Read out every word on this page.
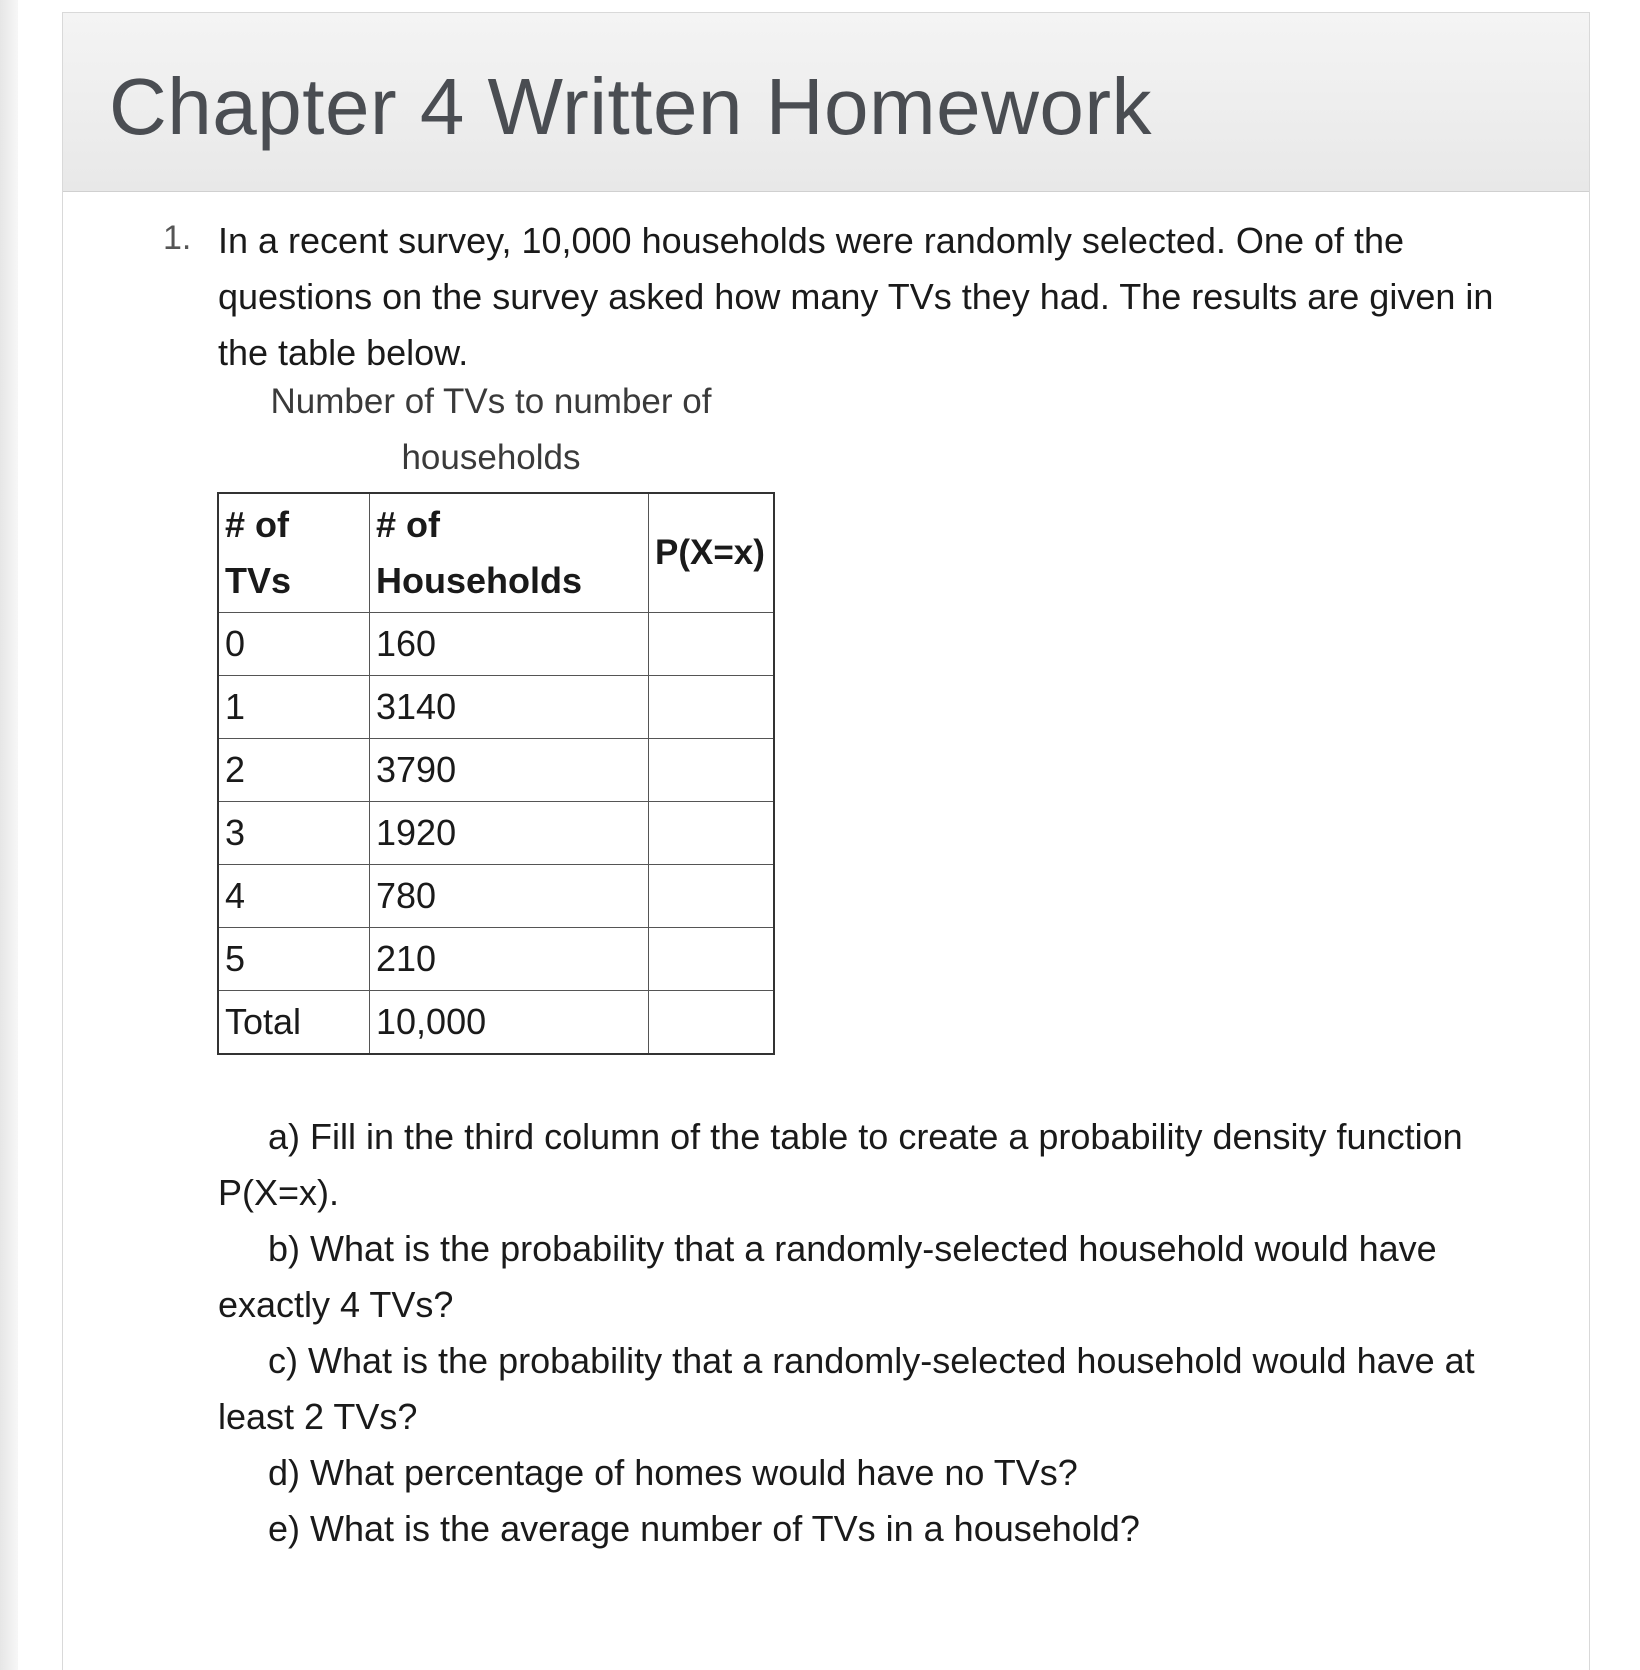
Chapter 4 Written Homework
1. In a recent survey, 10,000 households were randomly selected. One of the questions on the survey asked how many TVs they had. The results are given in the table below.
Number of TVs to number of households
# of TVs	# of Households	P(X=x)
0	160	
1	3140	
2	3790	
3	1920	
4	780	
5	210	
Total	10,000	

a) Fill in the third column of the table to create a probability density function P(X=x).

b) What is the probability that a randomly-selected household would have exactly 4 TVs?

c) What is the probability that a randomly-selected household would have at least 2 TVs?

d) What percentage of homes would have no TVs?

e) What is the average number of TVs in a household?
